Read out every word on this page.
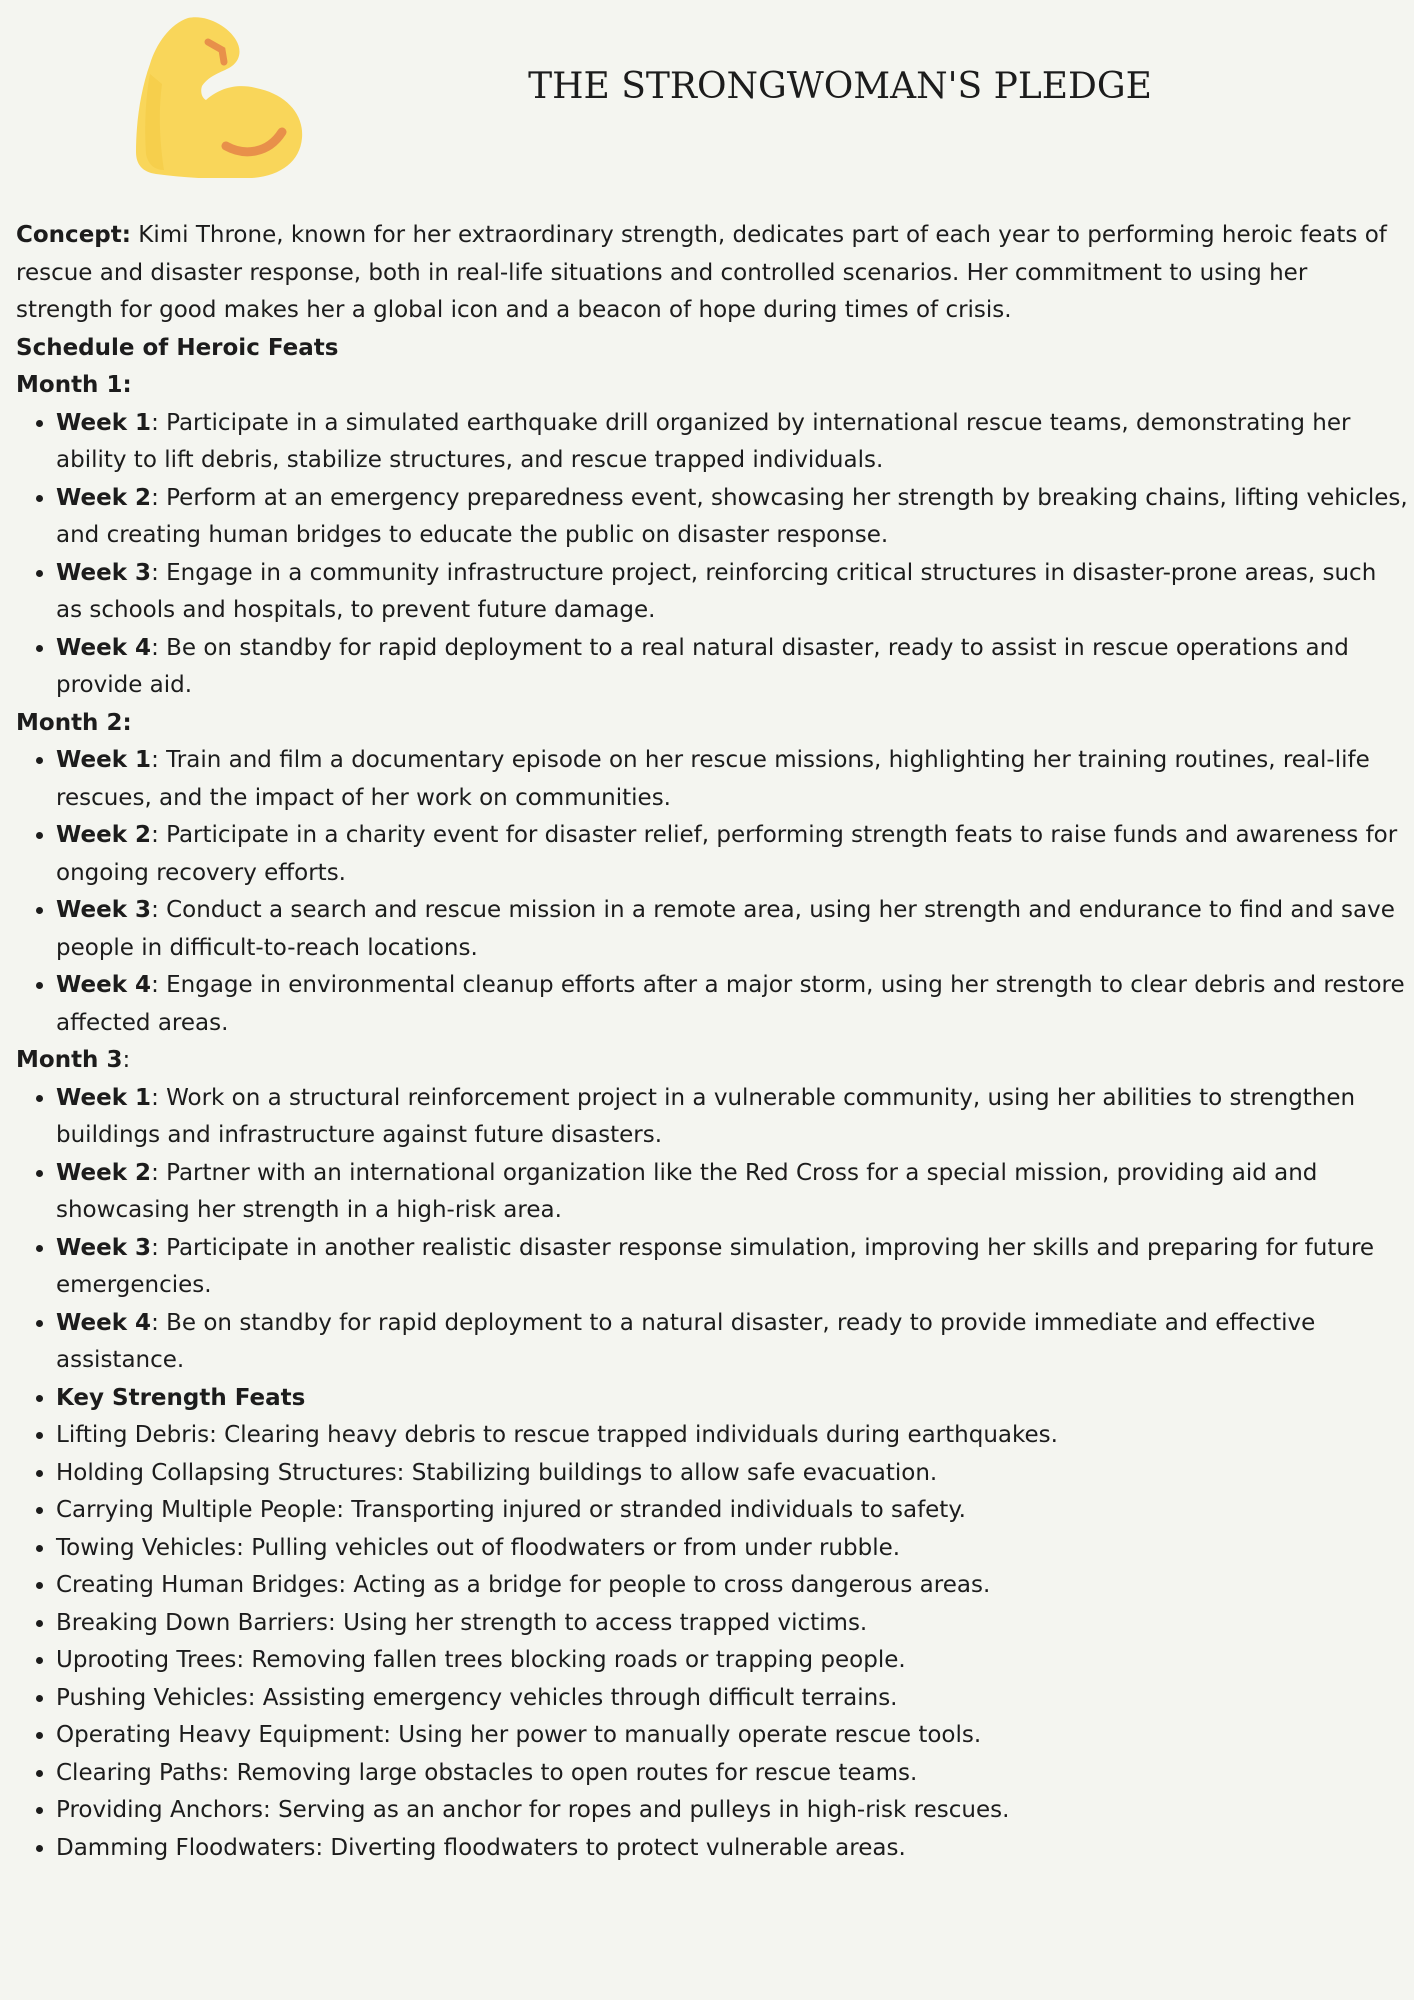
THE STRONGWOMAN'S PLEDGE

Concept: Kimi Throne, known for her extraordinary strength, dedicates part of each year to performing heroic feats of rescue and disaster response, both in real-life situations and controlled scenarios. Her commitment to using her strength for good makes her a global icon and a beacon of hope during times of crisis.

Schedule of Heroic Feats

Month 1:

• Week 1: Participate in a simulated earthquake drill organized by international rescue teams, demonstrating her ability to lift debris, stabilize structures, and rescue trapped individuals.
• Week 2: Perform at an emergency preparedness event, showcasing her strength by breaking chains, lifting vehicles, and creating human bridges to educate the public on disaster response.
• Week 3: Engage in a community infrastructure project, reinforcing critical structures in disaster-prone areas, such as schools and hospitals, to prevent future damage.
• Week 4: Be on standby for rapid deployment to a real natural disaster, ready to assist in rescue operations and provide aid.

Month 2:

• Week 1: Train and film a documentary episode on her rescue missions, highlighting her training routines, real-life rescues, and the impact of her work on communities.
• Week 2: Participate in a charity event for disaster relief, performing strength feats to raise funds and awareness for ongoing recovery efforts.
• Week 3: Conduct a search and rescue mission in a remote area, using her strength and endurance to find and save people in difficult-to-reach locations.
• Week 4: Engage in environmental cleanup efforts after a major storm, using her strength to clear debris and restore affected areas.

Month 3:

• Week 1: Work on a structural reinforcement project in a vulnerable community, using her abilities to strengthen buildings and infrastructure against future disasters.
• Week 2: Partner with an international organization like the Red Cross for a special mission, providing aid and showcasing her strength in a high-risk area.
• Week 3: Participate in another realistic disaster response simulation, improving her skills and preparing for future emergencies.
• Week 4: Be on standby for rapid deployment to a natural disaster, ready to provide immediate and effective assistance.
• Key Strength Feats
• Lifting Debris: Clearing heavy debris to rescue trapped individuals during earthquakes.
• Holding Collapsing Structures: Stabilizing buildings to allow safe evacuation.
• Carrying Multiple People: Transporting injured or stranded individuals to safety.
• Towing Vehicles: Pulling vehicles out of floodwaters or from under rubble.
• Creating Human Bridges: Acting as a bridge for people to cross dangerous areas.
• Breaking Down Barriers: Using her strength to access trapped victims.
• Uprooting Trees: Removing fallen trees blocking roads or trapping people.
• Pushing Vehicles: Assisting emergency vehicles through difficult terrains.
• Operating Heavy Equipment: Using her power to manually operate rescue tools.
• Clearing Paths: Removing large obstacles to open routes for rescue teams.
• Providing Anchors: Serving as an anchor for ropes and pulleys in high-risk rescues.
• Damming Floodwaters: Diverting floodwaters to protect vulnerable areas.
